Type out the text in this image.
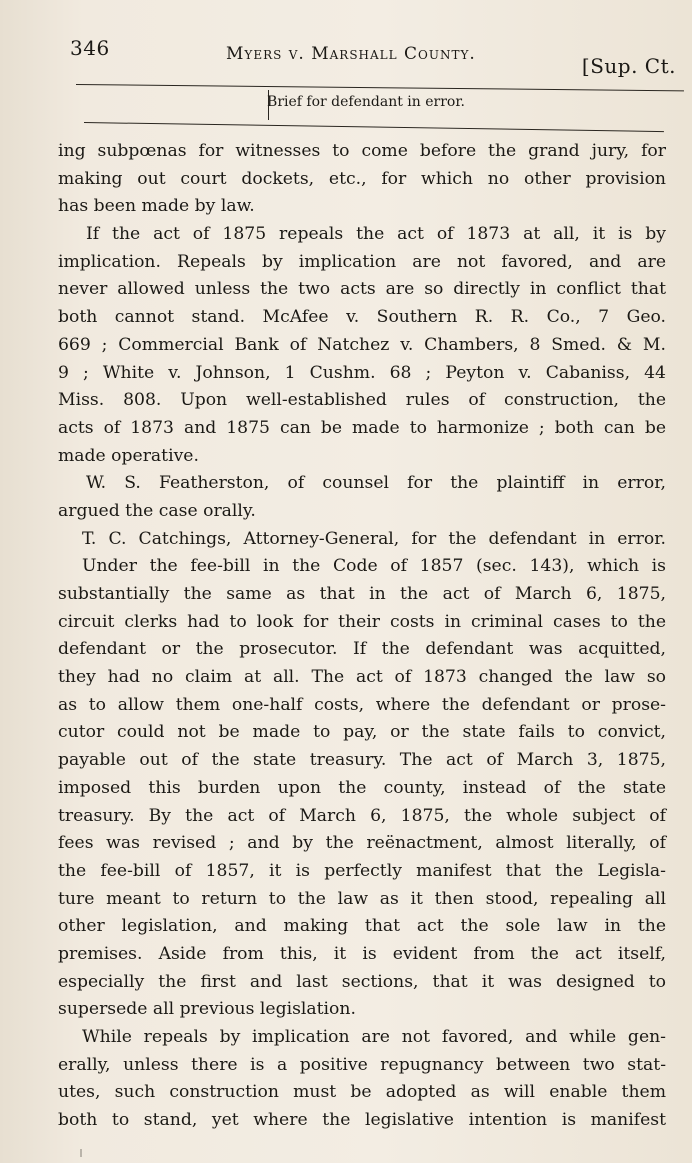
346	Myers v. Marshall County.	[Sup. Ct.
Brief for defendant in error.
ing subpœnas for witnesses to come before the grand jury, for
making out court dockets, etc., for which no other provision
has been made by law.
If the act of 1875 repeals the act of 1873 at all, it is by
implication. Repeals by implication are not favored, and are
never allowed unless the two acts are so directly in conflict that
both cannot stand. McAfee v. Southern R. R. Co., 7 Geo.
669 ; Commercial Bank of Natchez v. Chambers, 8 Smed. & M.
9 ; White v. Johnson, 1 Cushm. 68 ; Peyton v. Cabaniss, 44
Miss. 808. Upon well-established rules of construction, the
acts of 1873 and 1875 can be made to harmonize ; both can be
made operative.
W. S. Featherston, of counsel for the plaintiff in error,
argued the case orally.
T. C. Catchings, Attorney-General, for the defendant in error.
Under the fee-bill in the Code of 1857 (sec. 143), which is
substantially the same as that in the act of March 6, 1875,
circuit clerks had to look for their costs in criminal cases to the
defendant or the prosecutor. If the defendant was acquitted,
they had no claim at all. The act of 1873 changed the law so
as to allow them one-half costs, where the defendant or prose-
cutor could not be made to pay, or the state fails to convict,
payable out of the state treasury. The act of March 3, 1875,
imposed this burden upon the county, instead of the state
treasury. By the act of March 6, 1875, the whole subject of
fees was revised ; and by the reënactment, almost literally, of
the fee-bill of 1857, it is perfectly manifest that the Legisla-
ture meant to return to the law as it then stood, repealing all
other legislation, and making that act the sole law in the
premises. Aside from this, it is evident from the act itself,
especially the first and last sections, that it was designed to
supersede all previous legislation.
While repeals by implication are not favored, and while gen-
erally, unless there is a positive repugnancy between two stat-
utes, such construction must be adopted as will enable them
both to stand, yet where the legislative intention is manifest
